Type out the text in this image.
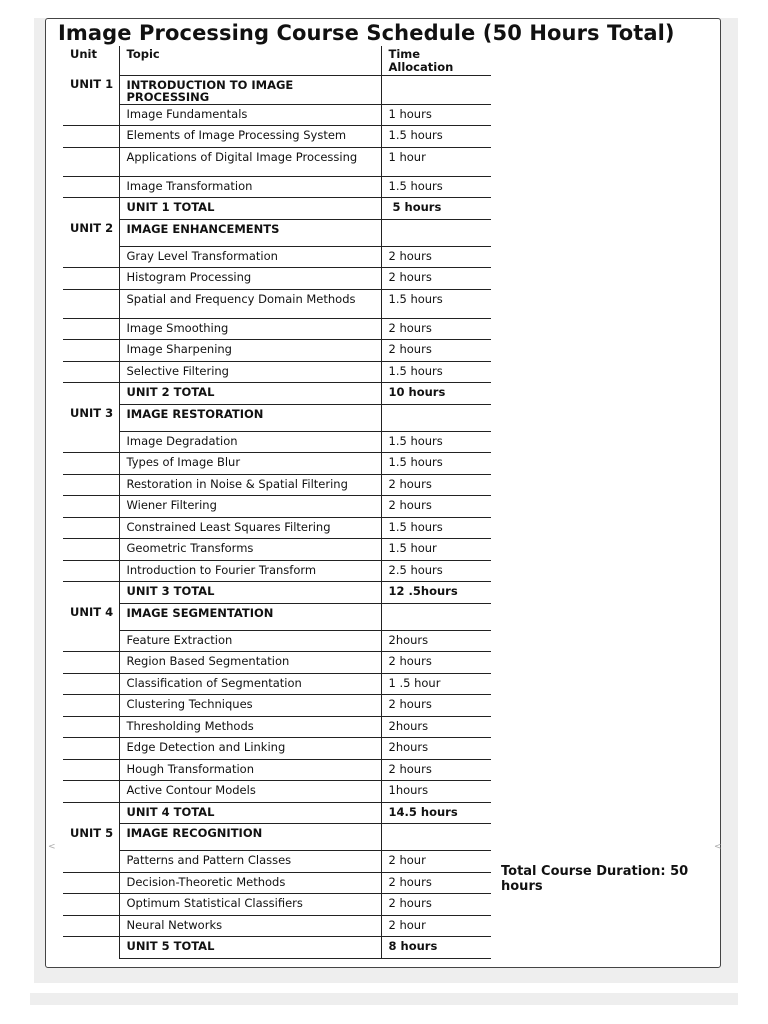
Image Processing Course Schedule (50 Hours Total)
Unit	Topic	Time Allocation
UNIT 1	INTRODUCTION TO IMAGE PROCESSING	
	Image Fundamentals	1 hours
	Elements of Image Processing System	1.5 hours
	Applications of Digital Image Processing	1 hour
	Image Transformation	1.5 hours
	UNIT 1 TOTAL	5 hours
UNIT 2	IMAGE ENHANCEMENTS	
	Gray Level Transformation	2 hours
	Histogram Processing	2 hours
	Spatial and Frequency Domain Methods	1.5 hours
	Image Smoothing	2 hours
	Image Sharpening	2 hours
	Selective Filtering	1.5 hours
	UNIT 2 TOTAL	10 hours
UNIT 3	IMAGE RESTORATION	
	Image Degradation	1.5 hours
	Types of Image Blur	1.5 hours
	Restoration in Noise & Spatial Filtering	2 hours
	Wiener Filtering	2 hours
	Constrained Least Squares Filtering	1.5 hours
	Geometric Transforms	1.5 hour
	Introduction to Fourier Transform	2.5 hours
	UNIT 3 TOTAL	12 .5hours
UNIT 4	IMAGE SEGMENTATION	
	Feature Extraction	2hours
	Region Based Segmentation	2 hours
	Classification of Segmentation	1 .5 hour
	Clustering Techniques	2 hours
	Thresholding Methods	2hours
	Edge Detection and Linking	2hours
	Hough Transformation	2 hours
	Active Contour Models	1hours
	UNIT 4 TOTAL	14.5 hours
UNIT 5	IMAGE RECOGNITION	
	Patterns and Pattern Classes	2 hour
	Decision-Theoretic Methods	2 hours
	Optimum Statistical Classifiers	2 hours
	Neural Networks	2 hour
	UNIT 5 TOTAL	8 hours
Total Course Duration: 50 hours
<	<
